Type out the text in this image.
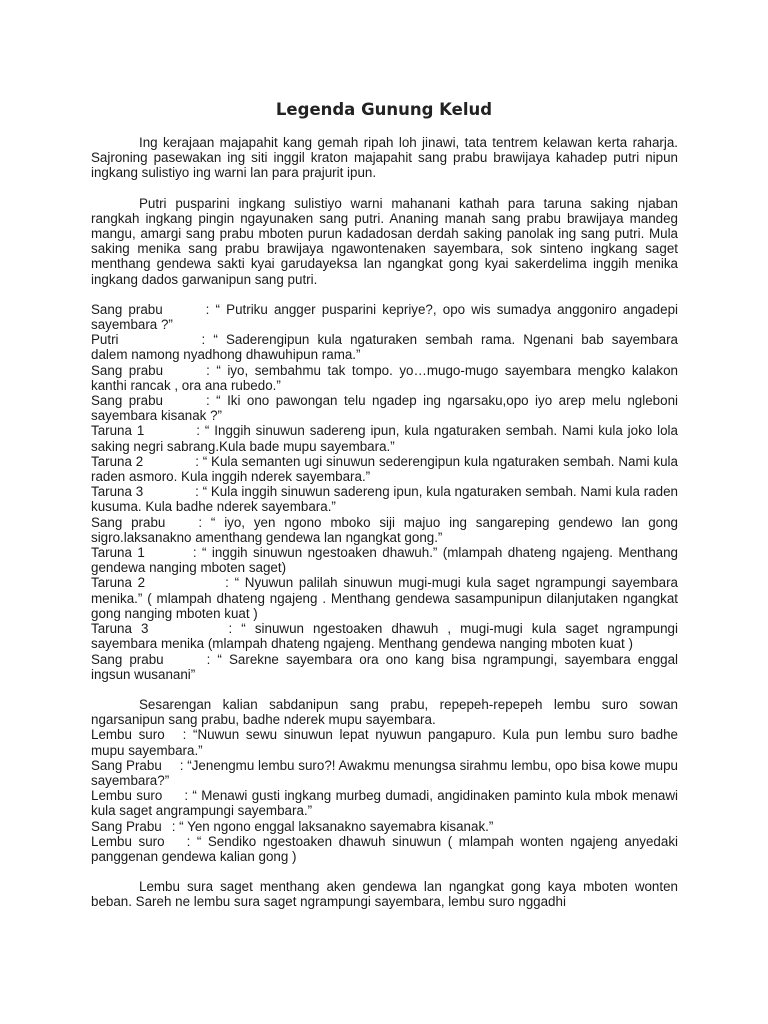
Legenda Gunung Kelud

Ing kerajaan majapahit kang gemah ripah loh jinawi, tata tentrem kelawan kerta raharja. Sajroning pasewakan ing siti inggil kraton majapahit sang prabu brawijaya kahadep putri nipun ingkang sulistiyo ing warni lan para prajurit ipun.

Putri pusparini ingkang sulistiyo warni mahanani kathah para taruna saking njaban rangkah ingkang pingin ngayunaken sang putri. Ananing manah sang prabu brawijaya mandeg mangu, amargi sang prabu mboten purun kadadosan derdah saking panolak ing sang putri. Mula saking menika sang prabu brawijaya ngawontenaken sayembara, sok sinteno ingkang saget menthang gendewa sakti kyai garudayeksa lan ngangkat gong kyai sakerdelima inggih menika ingkang dados garwanipun sang putri.

Sang prabu	: “ Putriku angger pusparini kepriye?, opo wis sumadya anggoniro angadepi sayembara ?”

Putri	: “ Saderengipun kula ngaturaken sembah rama. Ngenani bab sayembara dalem namong nyadhong dhawuhipun rama.”

Sang prabu	: “ iyo, sembahmu tak tompo. yo…mugo-mugo sayembara mengko kalakon kanthi rancak , ora ana rubedo.”

Sang prabu	: “ Iki ono pawongan telu ngadep ing ngarsaku,opo iyo arep melu ngleboni sayembara kisanak ?”

Taruna 1	: “ Inggih sinuwun sadereng ipun, kula ngaturaken sembah. Nami kula joko lola saking negri sabrang.Kula bade mupu sayembara.”

Taruna 2	: “ Kula semanten ugi sinuwun sederengipun kula ngaturaken sembah. Nami kula raden asmoro. Kula inggih nderek sayembara.”

Taruna 3	: “ Kula inggih sinuwun sadereng ipun, kula ngaturaken sembah. Nami kula raden kusuma. Kula badhe nderek sayembara.”

Sang prabu : “ iyo, yen ngono mboko siji majuo ing sangareping gendewo lan gong sigro.laksanakno amenthang gendewa lan ngangkat gong.”

Taruna 1	: “ inggih sinuwun ngestoaken dhawuh.” (mlampah dhateng ngajeng. Menthang gendewa nanging mboten saget)

Taruna 2	: “ Nyuwun palilah sinuwun mugi-mugi kula saget ngrampungi sayembara menika.” ( mlampah dhateng ngajeng . Menthang gendewa sasampunipun dilanjutaken ngangkat gong nanging mboten kuat )

Taruna 3	: “ sinuwun ngestoaken dhawuh , mugi-mugi kula saget ngrampungi sayembara menika (mlampah dhateng ngajeng. Menthang gendewa nanging mboten kuat )

Sang prabu	: “ Sarekne sayembara ora ono kang bisa ngrampungi, sayembara enggal ingsun wusanani”

Sesarengan kalian sabdanipun sang prabu, repepeh-repepeh lembu suro sowan ngarsanipun sang prabu, badhe nderek mupu sayembara.

Lembu suro : “Nuwun sewu sinuwun lepat nyuwun pangapuro. Kula pun lembu suro badhe mupu sayembara.”

Sang Prabu : “Jenengmu lembu suro?! Awakmu menungsa sirahmu lembu, opo bisa kowe mupu sayembara?”

Lembu suro : “ Menawi gusti ingkang murbeg dumadi, angidinaken paminto kula mbok menawi kula saget angrampungi sayembara.”

Sang Prabu : “ Yen ngono enggal laksanakno sayemabra kisanak.”

Lembu suro : “ Sendiko ngestoaken dhawuh sinuwun ( mlampah wonten ngajeng anyedaki panggenan gendewa kalian gong )

Lembu sura saget menthang aken gendewa lan ngangkat gong kaya mboten wonten beban. Sareh ne lembu sura saget ngrampungi sayembara, lembu suro nggadhi
